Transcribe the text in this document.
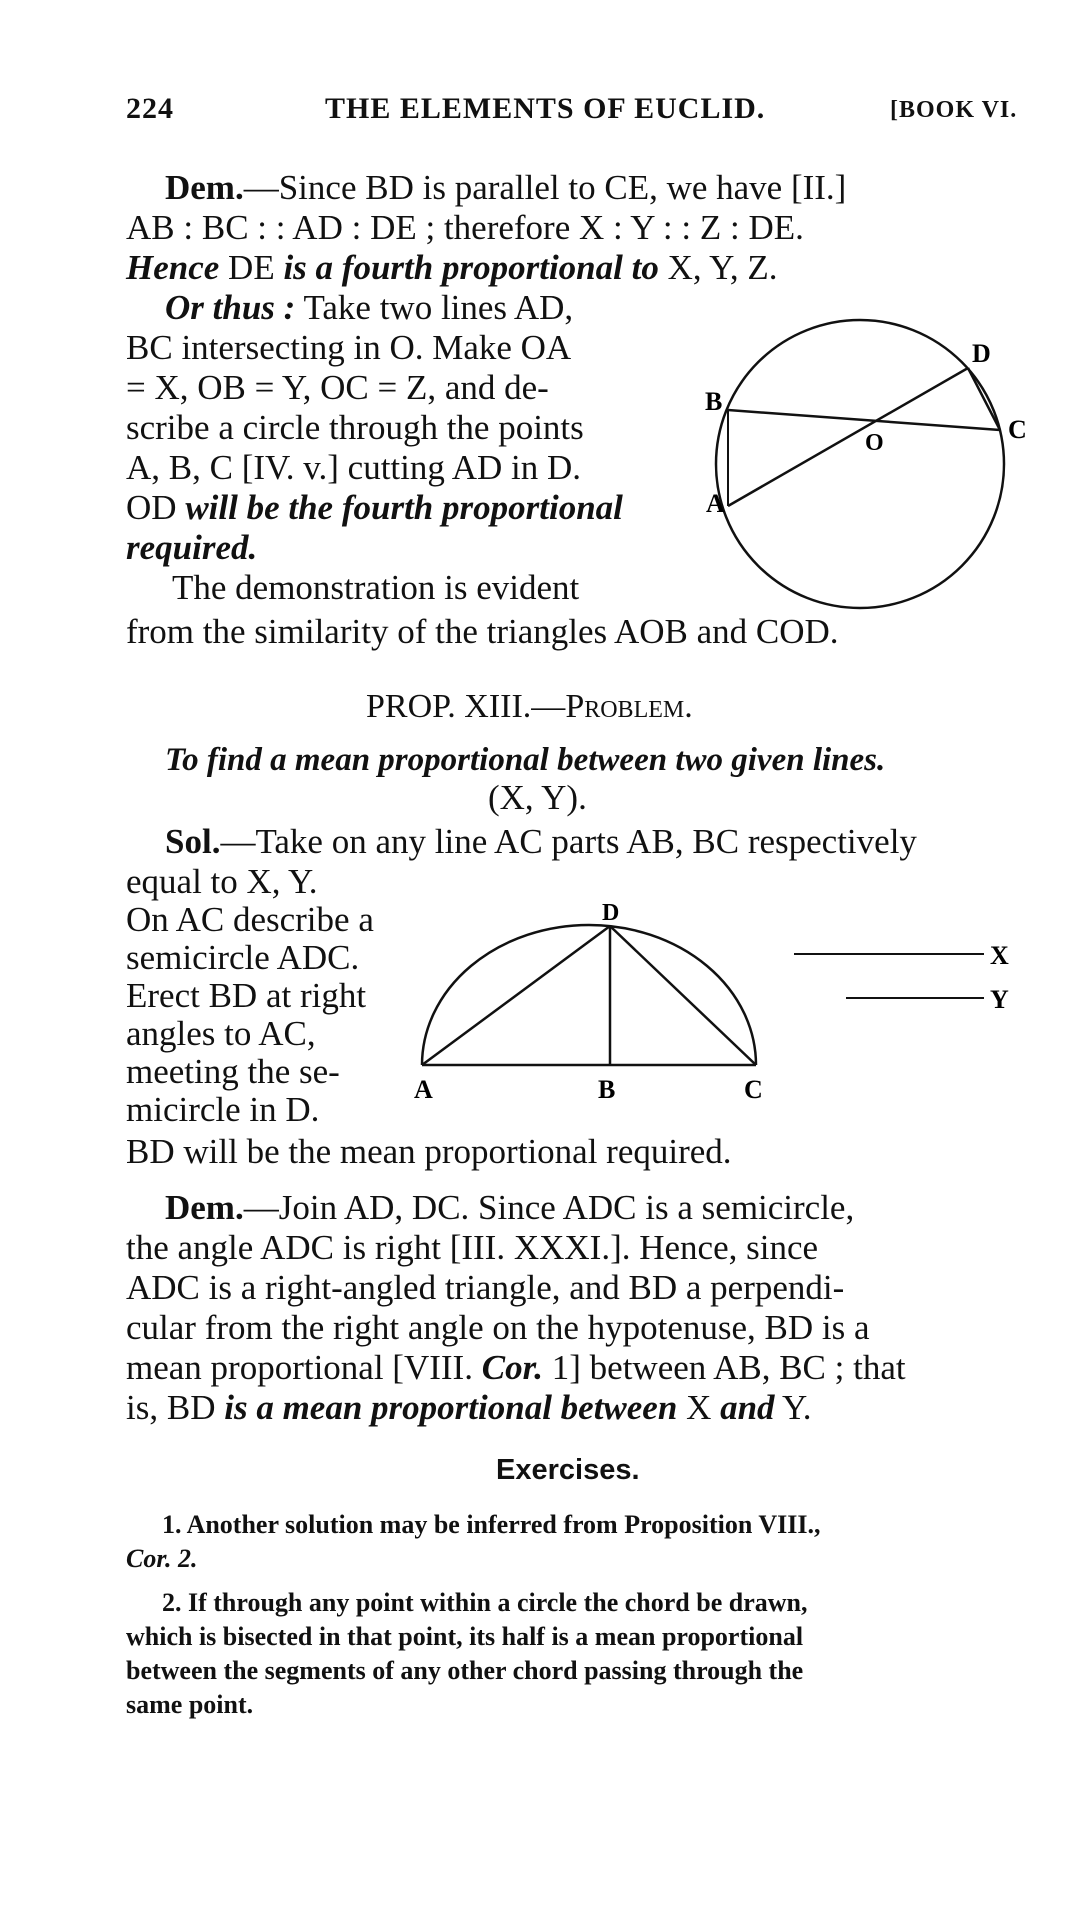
224	THE ELEMENTS OF EUCLID.	[BOOK VI.
Dem.—Since BD is parallel to CE, we have [II.]
AB : BC : : AD : DE ; therefore X : Y : : Z : DE.
Hence DE is a fourth proportional to X, Y, Z.
Or thus : Take two lines AD,
BC intersecting in O. Make OA
= X, OB = Y, OC = Z, and de-
scribe a circle through the points
A, B, C [IV. v.] cutting AD in D.
OD will be the fourth proportional
required.
The demonstration is evident
from the similarity of the triangles AOB and COD.
D
B
O	C
A
PROP. XIII.—Problem.
To find a mean proportional between two given lines.
(X, Y).
Sol.—Take on any line AC parts AB, BC respectively
equal to X, Y.
On AC describe a
semicircle ADC.
Erect BD at right
angles to AC,
meeting the se-
micircle in D.
BD will be the mean proportional required.
D
A	B	C
X
Y
Dem.—Join AD, DC. Since ADC is a semicircle,
the angle ADC is right [III. XXXI.]. Hence, since
ADC is a right-angled triangle, and BD a perpendi-
cular from the right angle on the hypotenuse, BD is a
mean proportional [VIII. Cor. 1] between AB, BC ; that
is, BD is a mean proportional between X and Y.
Exercises.
1. Another solution may be inferred from Proposition VIII.,
Cor. 2.
2. If through any point within a circle the chord be drawn,
which is bisected in that point, its half is a mean proportional
between the segments of any other chord passing through the
same point.
